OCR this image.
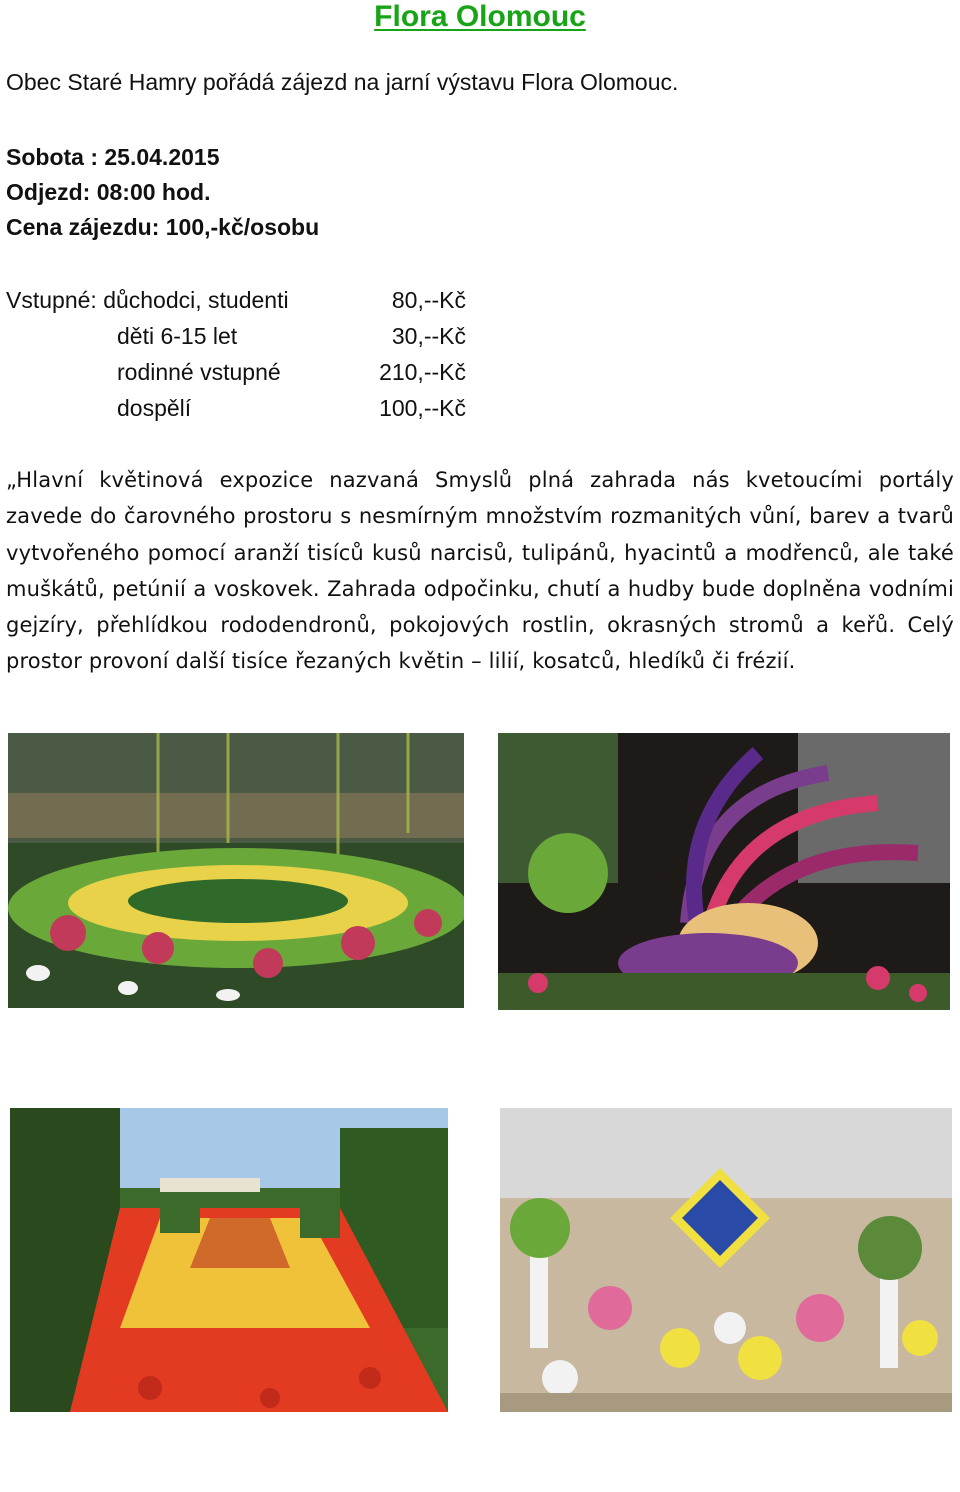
Flora Olomouc
Obec Staré Hamry pořádá zájezd na jarní výstavu Flora Olomouc.
Sobota : 25.04.2015
Odjezd: 08:00 hod.
Cena zájezdu: 100,-kč/osobu
Vstupné: důchodci, studenti	80,--Kč
děti 6-15 let	30,--Kč
rodinné vstupné	210,--Kč
dospělí	100,--Kč
„Hlavní květinová expozice nazvaná Smyslů plná zahrada nás kvetoucími portály zavede do čarovného prostoru s nesmírným množstvím rozmanitých vůní, barev a tvarů vytvořeného pomocí aranží tisíců kusů narcisů, tulipánů, hyacintů a modřenců, ale také muškátů, petúnií a voskovek. Zahrada odpočinku, chutí a hudby bude doplněna vodními gejzíry, přehlídkou rododendronů, pokojových rostlin, okrasných stromů a keřů. Celý prostor provoní další tisíce řezaných květin – lilií, kosatců, hledíků či frézií.
